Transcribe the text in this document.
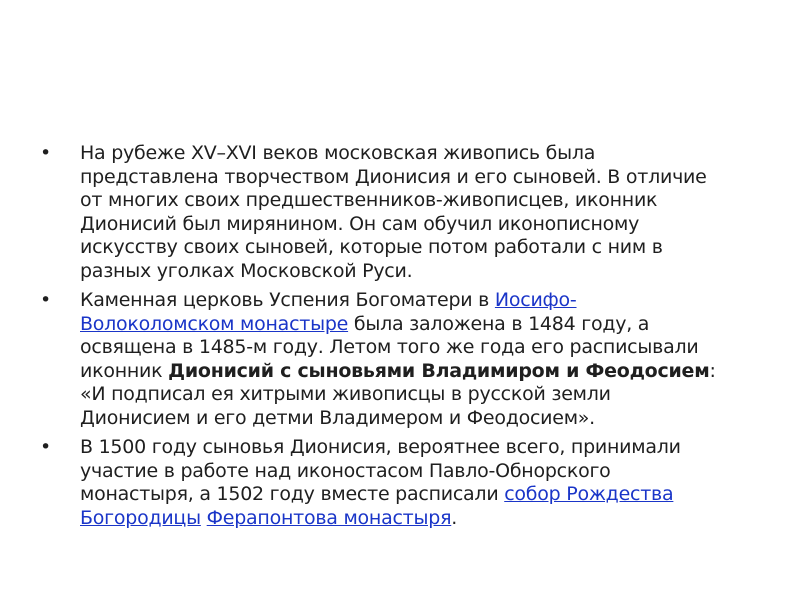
•	На рубеже XV–XVI веков московская живопись была представлена творчеством Дионисия и его сыновей. В отличие от многих своих предшественников-живописцев, иконник Дионисий был мирянином. Он сам обучил иконописному искусству своих сыновей, которые потом работали с ним в разных уголках Московской Руси.
•	Каменная церковь Успения Богоматери в Иосифо-Волоколомском монастыре была заложена в 1484 году, а освящена в 1485-м году. Летом того же года его расписывали иконник Дионисий с сыновьями Владимиром и Феодосием: «И подписал ея хитрыми живописцы в русской земли Дионисием и его детми Владимером и Феодосием».
•	В 1500 году сыновья Дионисия, вероятнее всего, принимали участие в работе над иконостасом Павло-Обнорского монастыря, а 1502 году вместе расписали собор Рождества Богородицы Ферапонтова монастыря.
